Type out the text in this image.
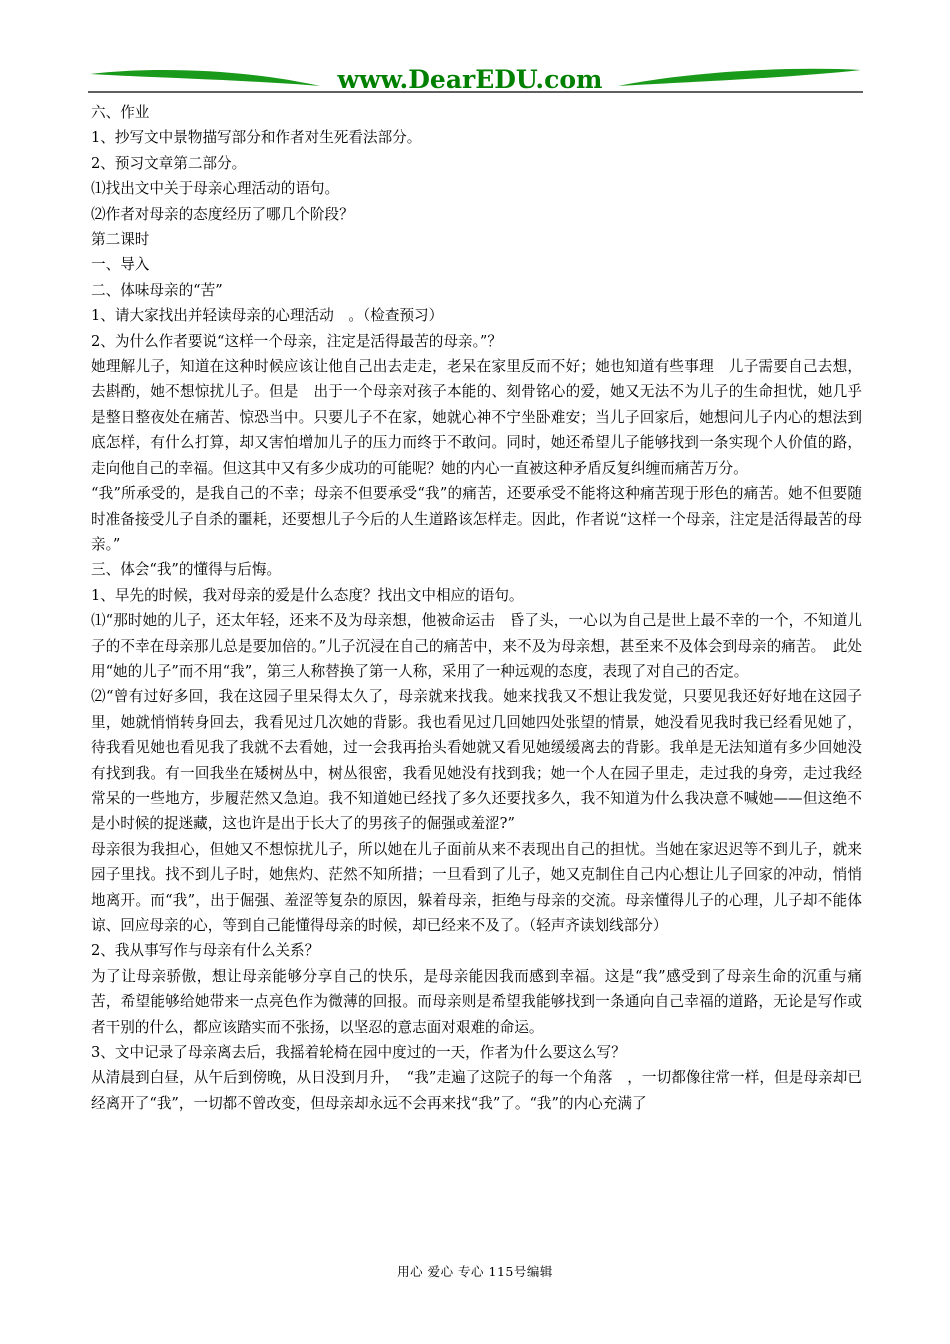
www.DearEDU.com

六、作业

1、抄写文中景物描写部分和作者对生死看法部分。

2、预习文章第二部分。

⑴找出文中关于母亲心理活动的语句。

⑵作者对母亲的态度经历了哪几个阶段？

第二课时

一、导入

二、体味母亲的“苦”

1、请大家找出并轻读母亲的心理活动　。（检查预习）

2、为什么作者要说“这样一个母亲，注定是活得最苦的母亲。”？

她理解儿子，知道在这种时候应该让他自己出去走走，老呆在家里反而不好；她也知道有些事理　儿子需要自己去想，去斟酌，她不想惊扰儿子。但是　出于一个母亲对孩子本能的、刻骨铭心的爱，她又无法不为儿子的生命担忧，她几乎是整日整夜处在痛苦、惊恐当中。只要儿子不在家，她就心神不宁坐卧难安；当儿子回家后，她想问儿子内心的想法到底怎样，有什么打算，却又害怕增加儿子的压力而终于不敢问。同时，她还希望儿子能够找到一条实现个人价值的路，走向他自己的幸福。但这其中又有多少成功的可能呢？她的内心一直被这种矛盾反复纠缠而痛苦万分。

“我”所承受的，是我自己的不幸；母亲不但要承受“我”的痛苦，还要承受不能将这种痛苦现于形色的痛苦。她不但要随时准备接受儿子自杀的噩耗，还要想儿子今后的人生道路该怎样走。因此，作者说“这样一个母亲，注定是活得最苦的母亲。”

三、体会“我”的懂得与后悔。

1、早先的时候，我对母亲的爱是什么态度？找出文中相应的语句。

⑴“那时她的儿子，还太年轻，还来不及为母亲想，他被命运击　昏了头，一心以为自己是世上最不幸的一个，不知道儿子的不幸在母亲那儿总是要加倍的。”儿子沉浸在自己的痛苦中，来不及为母亲想，甚至来不及体会到母亲的痛苦。　此处用“她的儿子”而不用“我”，第三人称替换了第一人称，采用了一种远观的态度，表现了对自己的否定。

⑵“曾有过好多回，我在这园子里呆得太久了，母亲就来找我。她来找我又不想让我发觉，只要见我还好好地在这园子里，她就悄悄转身回去，我看见过几次她的背影。我也看见过几回她四处张望的情景，她没看见我时我已经看见她了，待我看见她也看见我了我就不去看她，过一会我再抬头看她就又看见她缓缓离去的背影。我单是无法知道有多少回她没有找到我。有一回我坐在矮树丛中，树丛很密，我看见她没有找到我；她一个人在园子里走，走过我的身旁，走过我经常呆的一些地方，步履茫然又急迫。我不知道她已经找了多久还要找多久，我不知道为什么我决意不喊她——但这绝不是小时候的捉迷藏，这也许是出于长大了的男孩子的倔强或羞涩?”

母亲很为我担心，但她又不想惊扰儿子，所以她在儿子面前从来不表现出自己的担忧。当她在家迟迟等不到儿子，就来园子里找。找不到儿子时，她焦灼、茫然不知所措；一旦看到了儿子，她又克制住自己内心想让儿子回家的冲动，悄悄地离开。而“我”，出于倔强、羞涩等复杂的原因，躲着母亲，拒绝与母亲的交流。母亲懂得儿子的心理，儿子却不能体谅、回应母亲的心，等到自己能懂得母亲的时候，却已经来不及了。（轻声齐读划线部分）

2、我从事写作与母亲有什么关系？

为了让母亲骄傲，想让母亲能够分享自己的快乐，是母亲能因我而感到幸福。这是“我”感受到了母亲生命的沉重与痛苦，希望能够给她带来一点亮色作为微薄的回报。而母亲则是希望我能够找到一条通向自己幸福的道路，无论是写作或者干别的什么，都应该踏实而不张扬，以坚忍的意志面对艰难的命运。

3、文中记录了母亲离去后，我摇着轮椅在园中度过的一天，作者为什么要这么写？

从清晨到白昼，从午后到傍晚，从日没到月升，　“我”走遍了这院子的每一个角落　，一切都像往常一样，但是母亲却已经离开了“我”，一切都不曾改变，但母亲却永远不会再来找“我”了。“我”的内心充满了

用心 爱心 专心 115号编辑
